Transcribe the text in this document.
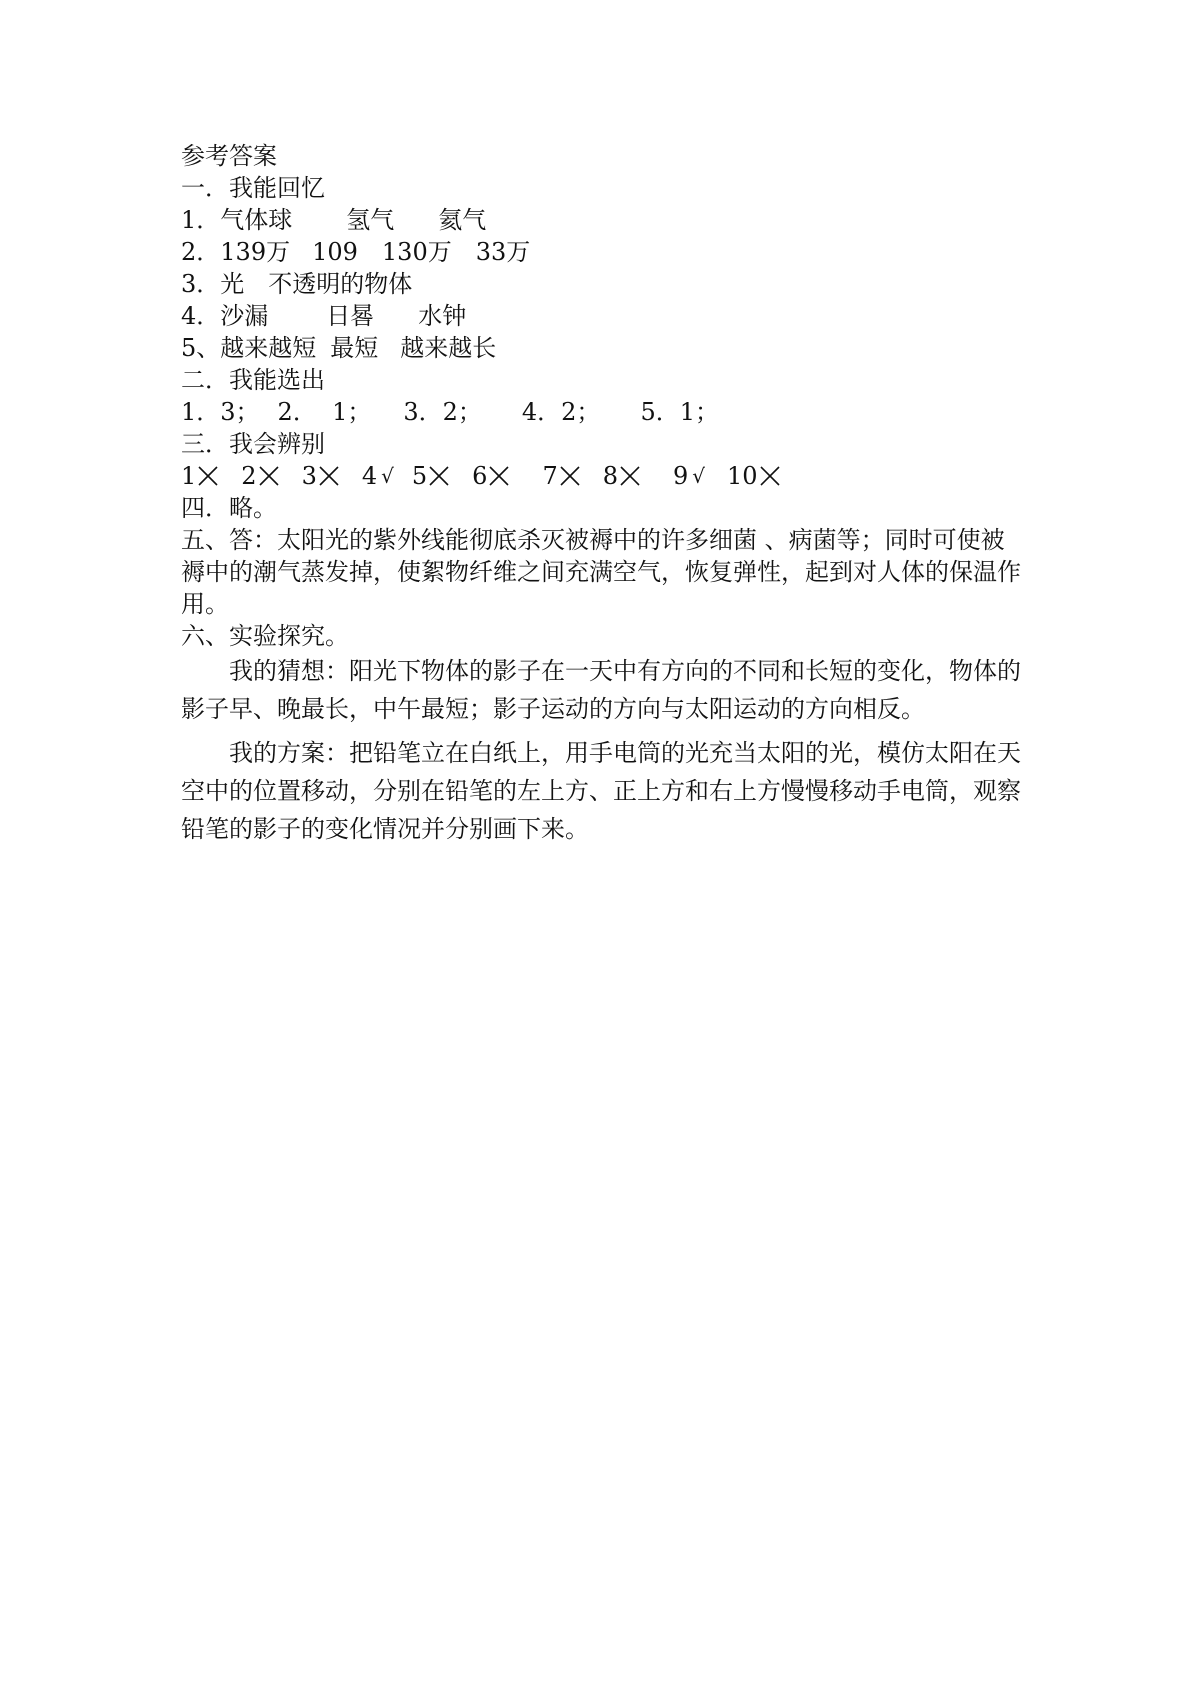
参考答案
一．我能回忆
1．气体球 氢气 氦气
2．139万 109 130万 33万
3．光 不透明的物体
4．沙漏 日晷 水钟
5、越来越短 最短 越来越长
二．我能选出
1．3； 2．  1； 3．2； 4．2； 5．1；
三．我会辨别
1 2 3 4 √ 5 6 7 8 9 √ 10
四．略。

五、答：太阳光的紫外线能彻底杀灭被褥中的许多细菌 、病菌等；同时可使被褥中的潮气蒸发掉，使絮物纤维之间充满空气，恢复弹性，起到对人体的保温作用。

六、实验探究。

我的猜想：阳光下物体的影子在一天中有方向的不同和长短的变化，物体的影子早、晚最长，中午最短；影子运动的方向与太阳运动的方向相反。

我的方案：把铅笔立在白纸上，用手电筒的光充当太阳的光，模仿太阳在天空中的位置移动，分别在铅笔的左上方、正上方和右上方慢慢移动手电筒，观察铅笔的影子的变化情况并分别画下来。
